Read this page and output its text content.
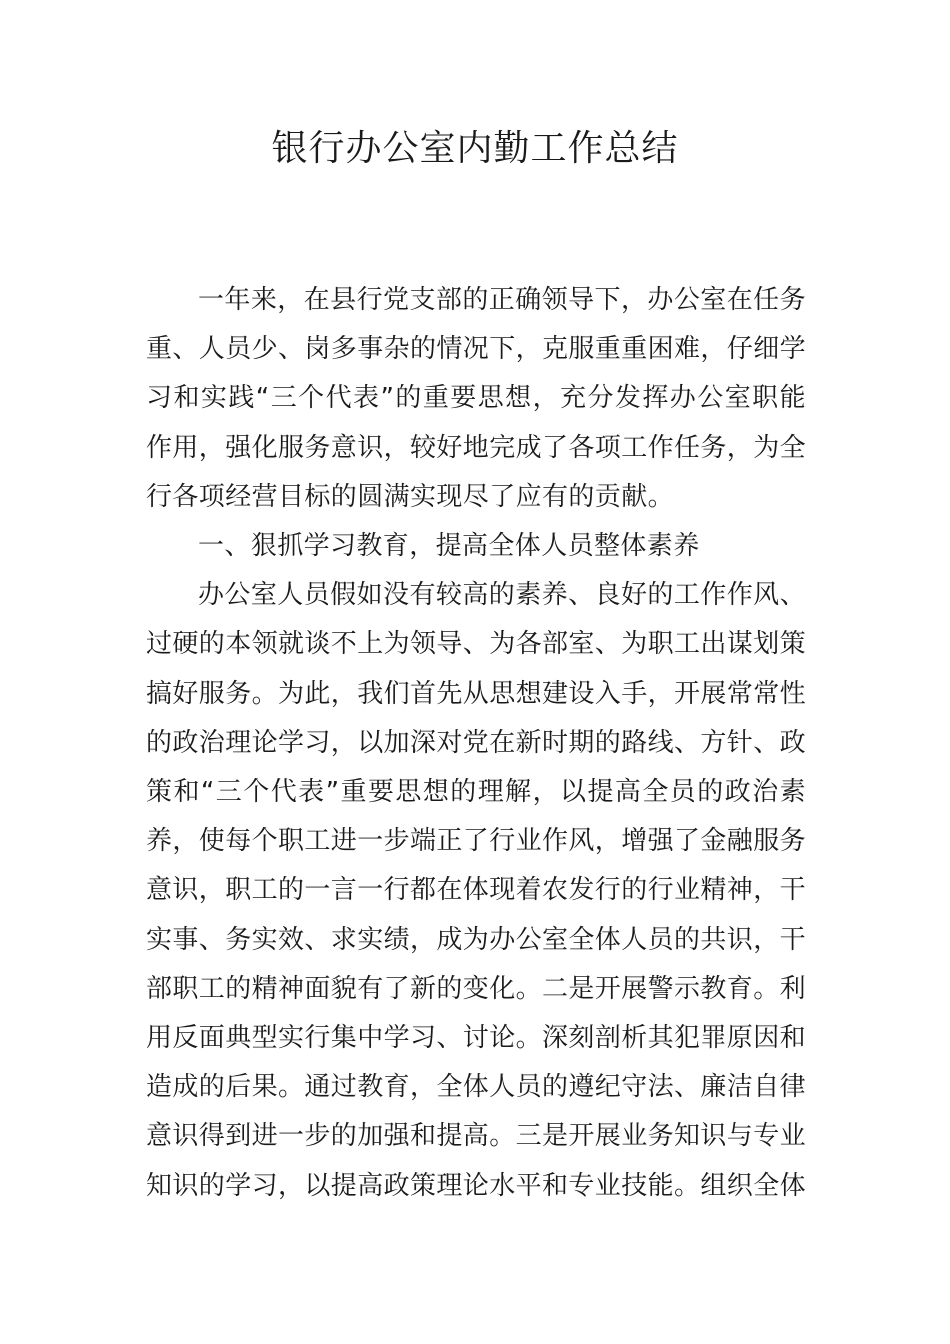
银行办公室内勤工作总结

一年来，在县行党支部的正确领导下，办公室在任务重、人员少、岗多事杂的情况下，克服重重困难，仔细学习和实践“三个代表”的重要思想，充分发挥办公室职能作用，强化服务意识，较好地完成了各项工作任务，为全行各项经营目标的圆满实现尽了应有的贡献。

一、狠抓学习教育，提高全体人员整体素养

办公室人员假如没有较高的素养、良好的工作作风、过硬的本领就谈不上为领导、为各部室、为职工出谋划策搞好服务。为此，我们首先从思想建设入手，开展常常性的政治理论学习，以加深对党在新时期的路线、方针、政策和“三个代表”重要思想的理解，以提高全员的政治素养，使每个职工进一步端正了行业作风，增强了金融服务意识，职工的一言一行都在体现着农发行的行业精神，干实事、务实效、求实绩，成为办公室全体人员的共识，干部职工的精神面貌有了新的变化。二是开展警示教育。利用反面典型实行集中学习、讨论。深刻剖析其犯罪原因和造成的后果。通过教育，全体人员的遵纪守法、廉洁自律意识得到进一步的加强和提高。三是开展业务知识与专业知识的学习，以提高政策理论水平和专业技能。组织全体
